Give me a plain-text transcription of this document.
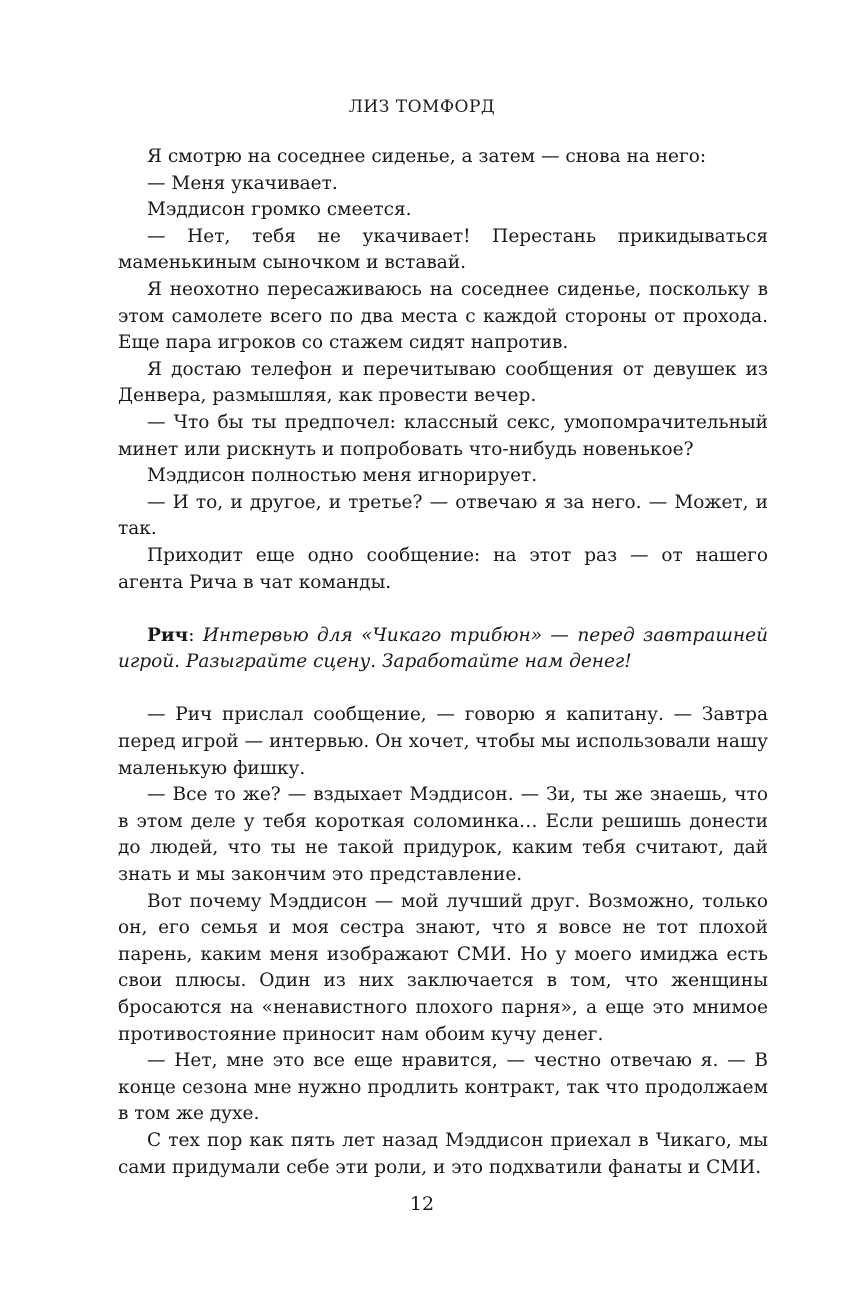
ЛИЗ ТОМФОРД

Я смотрю на соседнее сиденье, а затем — снова на него:

— Меня укачивает.

Мэддисон громко смеется.

— Нет, тебя не укачивает! Перестань прикидываться маменькиным сыночком и вставай.

Я неохотно пересаживаюсь на соседнее сиденье, поскольку в этом самолете всего по два места с каждой стороны от прохода. Еще пара игроков со стажем сидят напротив.

Я достаю телефон и перечитываю сообщения от девушек из Денвера, размышляя, как провести вечер.

— Что бы ты предпочел: классный секс, умопомрачительный минет или рискнуть и попробовать что-нибудь новенькое?

Мэддисон полностью меня игнорирует.

— И то, и другое, и третье? — отвечаю я за него. — Может, и так.

Приходит еще одно сообщение: на этот раз — от нашего агента Рича в чат команды.

Рич: Интервью для «Чикаго трибюн» — перед завтрашней игрой. Разыграйте сцену. Заработайте нам денег!

— Рич прислал сообщение, — говорю я капитану. — Завтра перед игрой — интервью. Он хочет, чтобы мы использовали нашу маленькую фишку.

— Все то же? — вздыхает Мэддисон. — Зи, ты же знаешь, что в этом деле у тебя короткая соломинка… Если решишь донести до людей, что ты не такой придурок, каким тебя считают, дай знать и мы закончим это представление.

Вот почему Мэддисон — мой лучший друг. Возможно, только он, его семья и моя сестра знают, что я вовсе не тот плохой парень, каким меня изображают СМИ. Но у моего имиджа есть свои плюсы. Один из них заключается в том, что женщины бросаются на «ненавистного плохого парня», а еще это мнимое противостояние приносит нам обоим кучу денег.

— Нет, мне это все еще нравится, — честно отвечаю я. — В конце сезона мне нужно продлить контракт, так что продолжаем в том же духе.

С тех пор как пять лет назад Мэддисон приехал в Чикаго, мы сами придумали себе эти роли, и это подхватили фанаты и СМИ.

12
